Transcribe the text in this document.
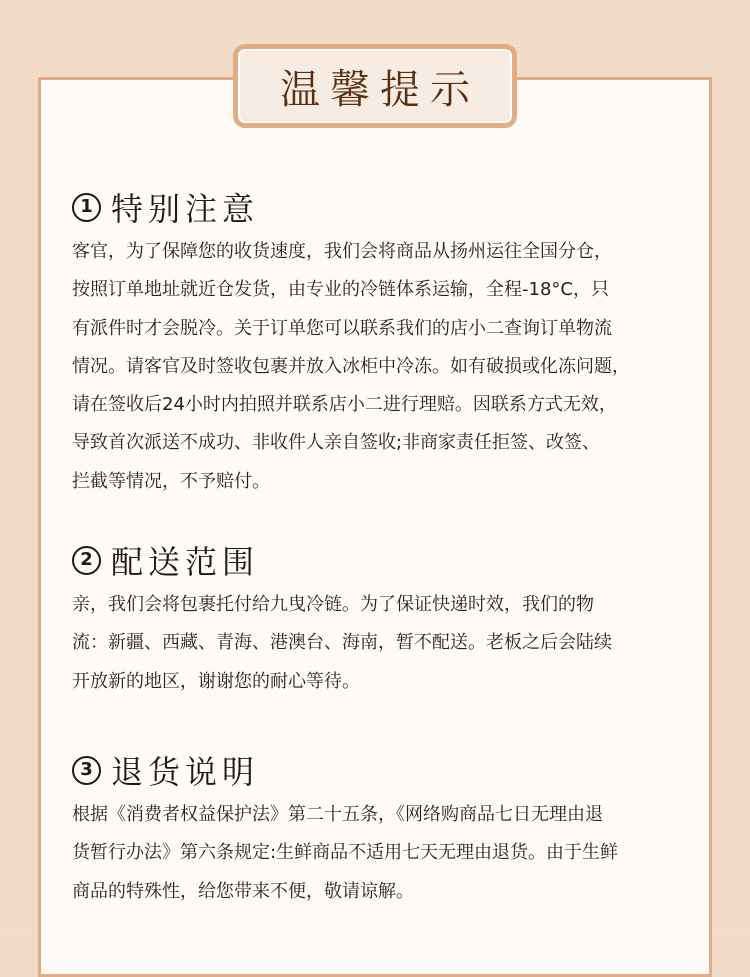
温馨提示
1 特别注意
客官，为了保障您的收货速度，我们会将商品从扬州运往全国分仓，
按照订单地址就近仓发货，由专业的冷链体系运输，全程-18°C，只
有派件时才会脱冷。关于订单您可以联系我们的店小二查询订单物流
情况。请客官及时签收包裹并放入冰柜中冷冻。如有破损或化冻问题，
请在签收后24小时内拍照并联系店小二进行理赔。因联系方式无效，
导致首次派送不成功、非收件人亲自签收;非商家责任拒签、改签、
拦截等情况，不予赔付。
2 配送范围
亲，我们会将包裹托付给九曳冷链。为了保证快递时效，我们的物
流：新疆、西藏、青海、港澳台、海南，暂不配送。老板之后会陆续
开放新的地区，谢谢您的耐心等待。
3 退货说明
根据《消费者权益保护法》第二十五条，《网络购商品七日无理由退
货暂行办法》第六条规定:生鲜商品不适用七天无理由退货。由于生鲜
商品的特殊性，给您带来不便，敬请谅解。
